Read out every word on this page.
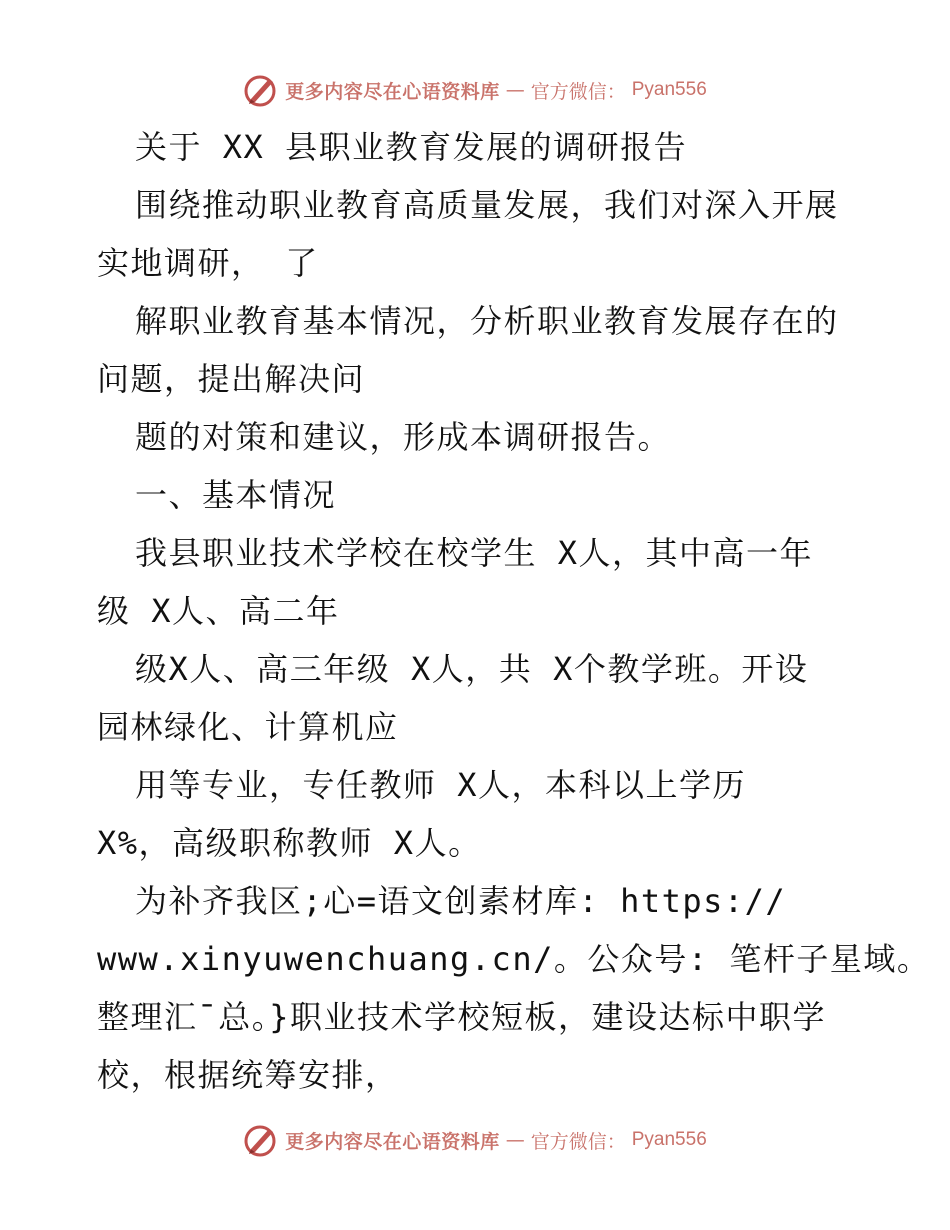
更多内容尽在心语资料库 — 官方微信： Pyan556
关于 XX 县职业教育发展的调研报告
围绕推动职业教育高质量发展，我们对深入开展
实地调研， 了
解职业教育基本情况，分析职业教育发展存在的
问题，提出解决问
题的对策和建议，形成本调研报告。
一、基本情况
我县职业技术学校在校学生 X人，其中高一年
级 X人、高二年
级X人、高三年级 X人，共 X个教学班。开设
园林绿化、计算机应
用等专业，专任教师 X人，本科以上学历
X%，高级职称教师 X人。
为补齐我区;心=语文创素材库: https://
www.xinyuwenchuang.cn/。公众号: 笔杆子星域。
整理汇¯总。}职业技术学校短板，建设达标中职学
校，根据统筹安排，
更多内容尽在心语资料库 — 官方微信： Pyan556
